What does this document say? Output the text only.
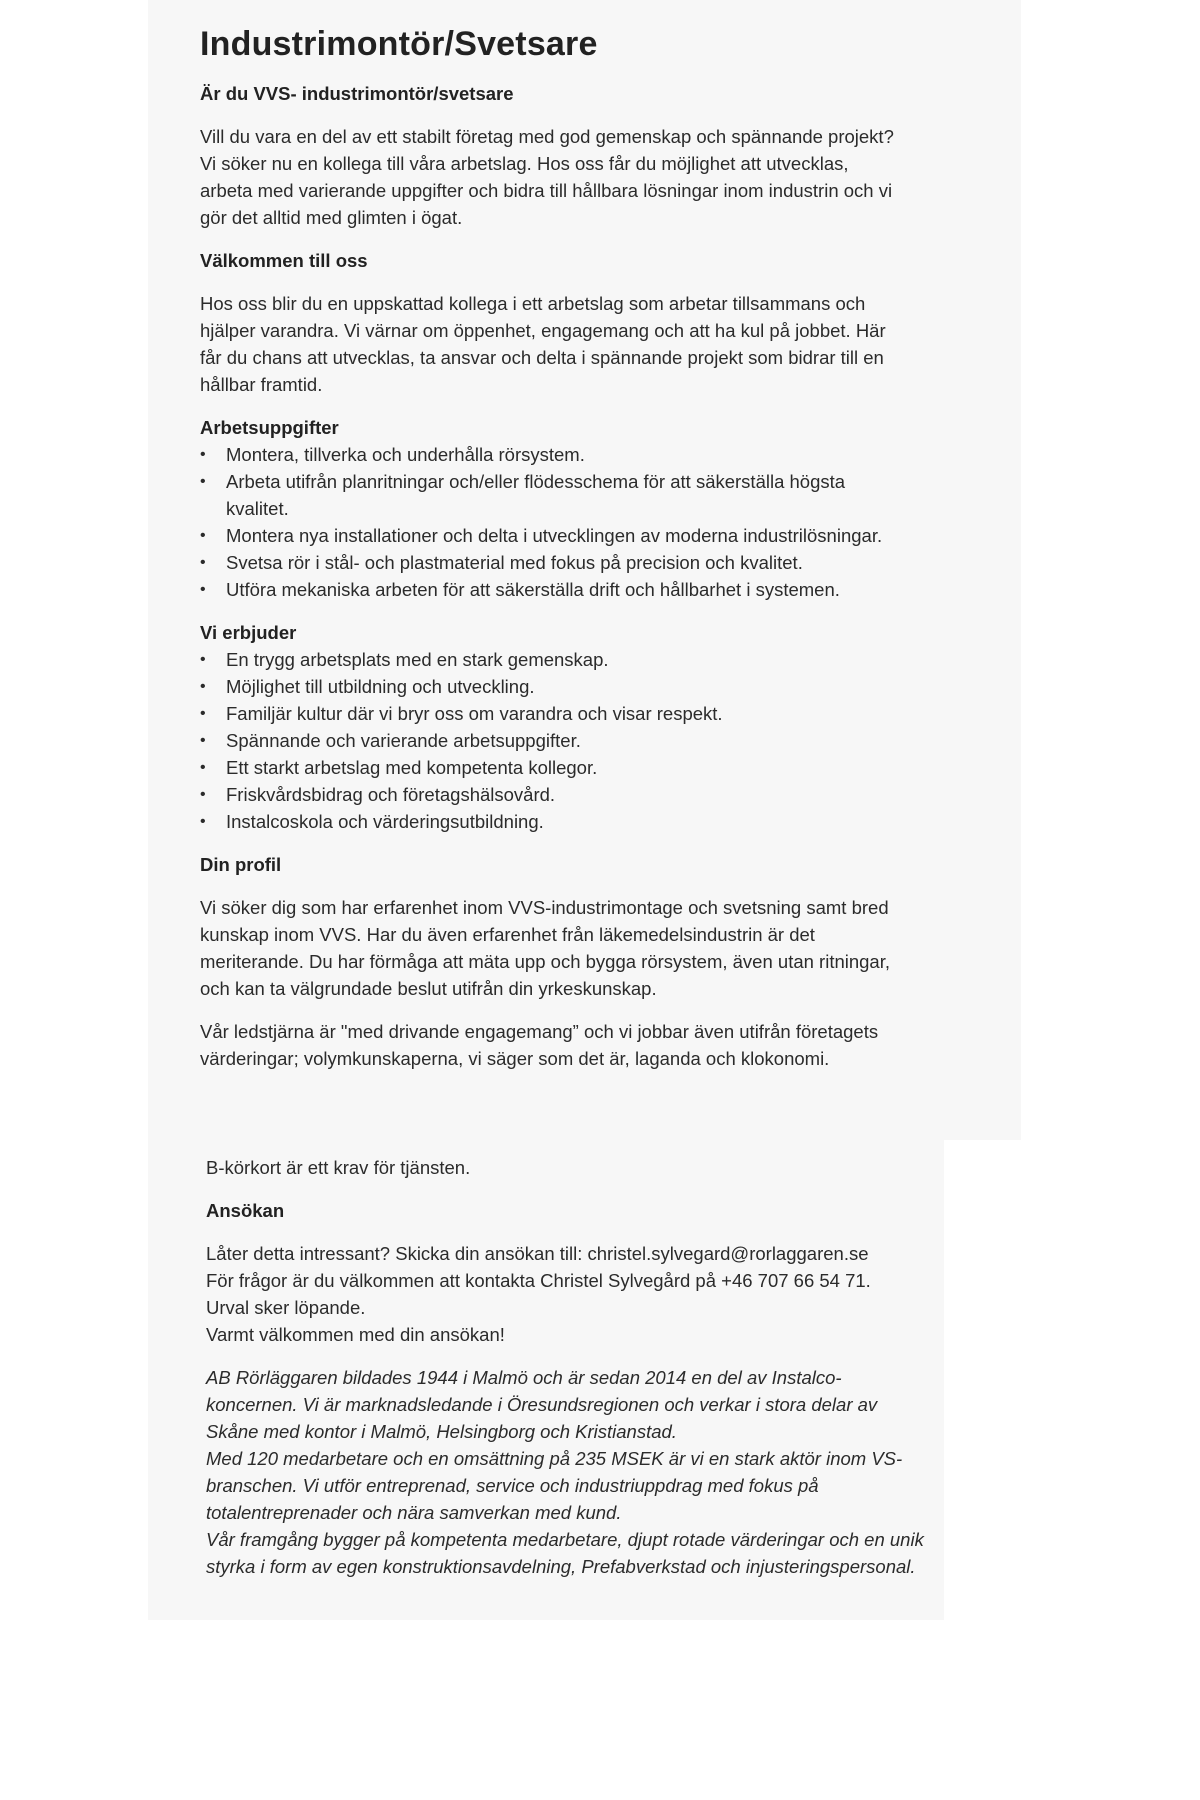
Industrimontör/Svetsare
Är du VVS- industrimontör/svetsare

Vill du vara en del av ett stabilt företag med god gemenskap och spännande projekt? Vi söker nu en kollega till våra arbetslag. Hos oss får du möjlighet att utvecklas, arbeta med varierande uppgifter och bidra till hållbara lösningar inom industrin och vi gör det alltid med glimten i ögat.

Välkommen till oss

Hos oss blir du en uppskattad kollega i ett arbetslag som arbetar tillsammans och hjälper varandra. Vi värnar om öppenhet, engagemang och att ha kul på jobbet. Här får du chans att utvecklas, ta ansvar och delta i spännande projekt som bidrar till en hållbar framtid.

Arbetsuppgifter
• Montera, tillverka och underhålla rörsystem.
• Arbeta utifrån planritningar och/eller flödesschema för att säkerställa högsta kvalitet.
• Montera nya installationer och delta i utvecklingen av moderna industrilösningar.
• Svetsa rör i stål- och plastmaterial med fokus på precision och kvalitet.
• Utföra mekaniska arbeten för att säkerställa drift och hållbarhet i systemen.
Vi erbjuder
• En trygg arbetsplats med en stark gemenskap.
• Möjlighet till utbildning och utveckling.
• Familjär kultur där vi bryr oss om varandra och visar respekt.
• Spännande och varierande arbetsuppgifter.
• Ett starkt arbetslag med kompetenta kollegor.
• Friskvårdsbidrag och företagshälsovård.
• Instalcoskola och värderingsutbildning.
Din profil

Vi söker dig som har erfarenhet inom VVS-industrimontage och svetsning samt bred kunskap inom VVS. Har du även erfarenhet från läkemedelsindustrin är det meriterande. Du har förmåga att mäta upp och bygga rörsystem, även utan ritningar, och kan ta välgrundade beslut utifrån din yrkeskunskap.

Vår ledstjärna är "med drivande engagemang” och vi jobbar även utifrån företagets värderingar; volymkunskaperna, vi säger som det är, laganda och klokonomi.

B-körkort är ett krav för tjänsten.

Ansökan

Låter detta intressant? Skicka din ansökan till: christel.sylvegard@rorlaggaren.se
För frågor är du välkommen att kontakta Christel Sylvegård på +46 707 66 54 71.
Urval sker löpande.
Varmt välkommen med din ansökan!

AB Rörläggaren bildades 1944 i Malmö och är sedan 2014 en del av Instalco-koncernen. Vi är marknadsledande i Öresundsregionen och verkar i stora delar av Skåne med kontor i Malmö, Helsingborg och Kristianstad.

Med 120 medarbetare och en omsättning på 235 MSEK är vi en stark aktör inom VS-branschen. Vi utför entreprenad, service och industriuppdrag med fokus på totalentreprenader och nära samverkan med kund.

Vår framgång bygger på kompetenta medarbetare, djupt rotade värderingar och en unik styrka i form av egen konstruktionsavdelning, Prefabverkstad och injusteringspersonal.
